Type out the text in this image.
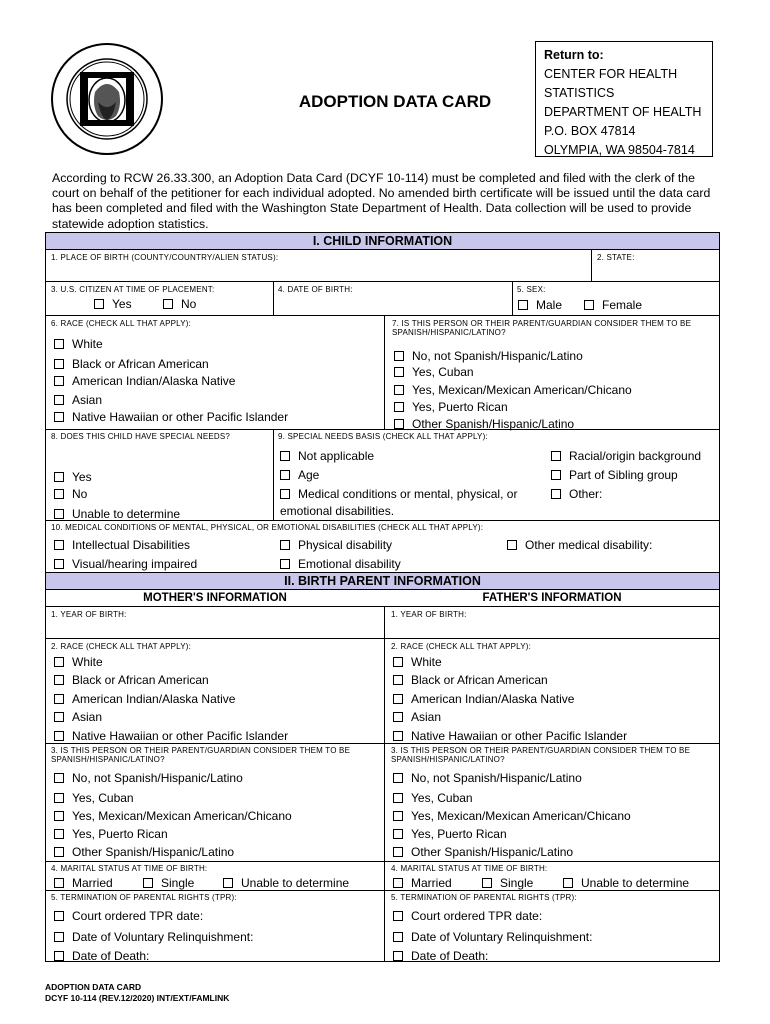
ADOPTION DATA CARD
Return to:
CENTER FOR HEALTH
STATISTICS
DEPARTMENT OF HEALTH
P.O. BOX 47814
OLYMPIA, WA 98504-7814
According to RCW 26.33.300, an Adoption Data Card (DCYF 10-114) must be completed and filed with the clerk of the court on behalf of the petitioner for each individual adopted. No amended birth certificate will be issued until the data card has been completed and filed with the Washington State Department of Health. Data collection will be used to provide statewide adoption statistics.
I. CHILD INFORMATION
1. PLACE OF BIRTH (COUNTY/COUNTRY/ALIEN STATUS):	2. STATE:
3. U.S. CITIZEN AT TIME OF PLACEMENT:
Yes	No
4. DATE OF BIRTH:	5. SEX:
Male	Female
6. RACE (CHECK ALL THAT APPLY):
White
Black or African American
American Indian/Alaska Native
Asian
Native Hawaiian or other Pacific Islander
7. IS THIS PERSON OR THEIR PARENT/GUARDIAN CONSIDER THEM TO BE SPANISH/HISPANIC/LATINO?
No, not Spanish/Hispanic/Latino
Yes, Cuban
Yes, Mexican/Mexican American/Chicano
Yes, Puerto Rican
Other Spanish/Hispanic/Latino
8. DOES THIS CHILD HAVE SPECIAL NEEDS?
Yes
No
Unable to determine
9. SPECIAL NEEDS BASIS (CHECK ALL THAT APPLY):
Not applicable
Age
Medical conditions or mental, physical, or
emotional disabilities.
Racial/origin background
Part of Sibling group
Other:
10. MEDICAL CONDITIONS OF MENTAL, PHYSICAL, OR EMOTIONAL DISABILITIES (CHECK ALL THAT APPLY):
Intellectual Disabilities
Visual/hearing impaired
Physical disability
Emotional disability
Other medical disability:
II. BIRTH PARENT INFORMATION
MOTHER'S INFORMATION	FATHER'S INFORMATION
1. YEAR OF BIRTH:	1. YEAR OF BIRTH:
2. RACE (CHECK ALL THAT APPLY):
White
Black or African American
American Indian/Alaska Native
Asian
Native Hawaiian or other Pacific Islander
2. RACE (CHECK ALL THAT APPLY):
White
Black or African American
American Indian/Alaska Native
Asian
Native Hawaiian or other Pacific Islander
3. IS THIS PERSON OR THEIR PARENT/GUARDIAN CONSIDER THEM TO BE SPANISH/HISPANIC/LATINO?
No, not Spanish/Hispanic/Latino
Yes, Cuban
Yes, Mexican/Mexican American/Chicano
Yes, Puerto Rican
Other Spanish/Hispanic/Latino
3. IS THIS PERSON OR THEIR PARENT/GUARDIAN CONSIDER THEM TO BE SPANISH/HISPANIC/LATINO?
No, not Spanish/Hispanic/Latino
Yes, Cuban
Yes, Mexican/Mexican American/Chicano
Yes, Puerto Rican
Other Spanish/Hispanic/Latino
4. MARITAL STATUS AT TIME OF BIRTH:
Married	Single	Unable to determine
4. MARITAL STATUS AT TIME OF BIRTH:
Married	Single	Unable to determine
5. TERMINATION OF PARENTAL RIGHTS (TPR):
Court ordered TPR date:
Date of Voluntary Relinquishment:
Date of Death:
5. TERMINATION OF PARENTAL RIGHTS (TPR):
Court ordered TPR date:
Date of Voluntary Relinquishment:
Date of Death:
ADOPTION DATA CARD
DCYF 10-114 (REV.12/2020) INT/EXT/FAMLINK
